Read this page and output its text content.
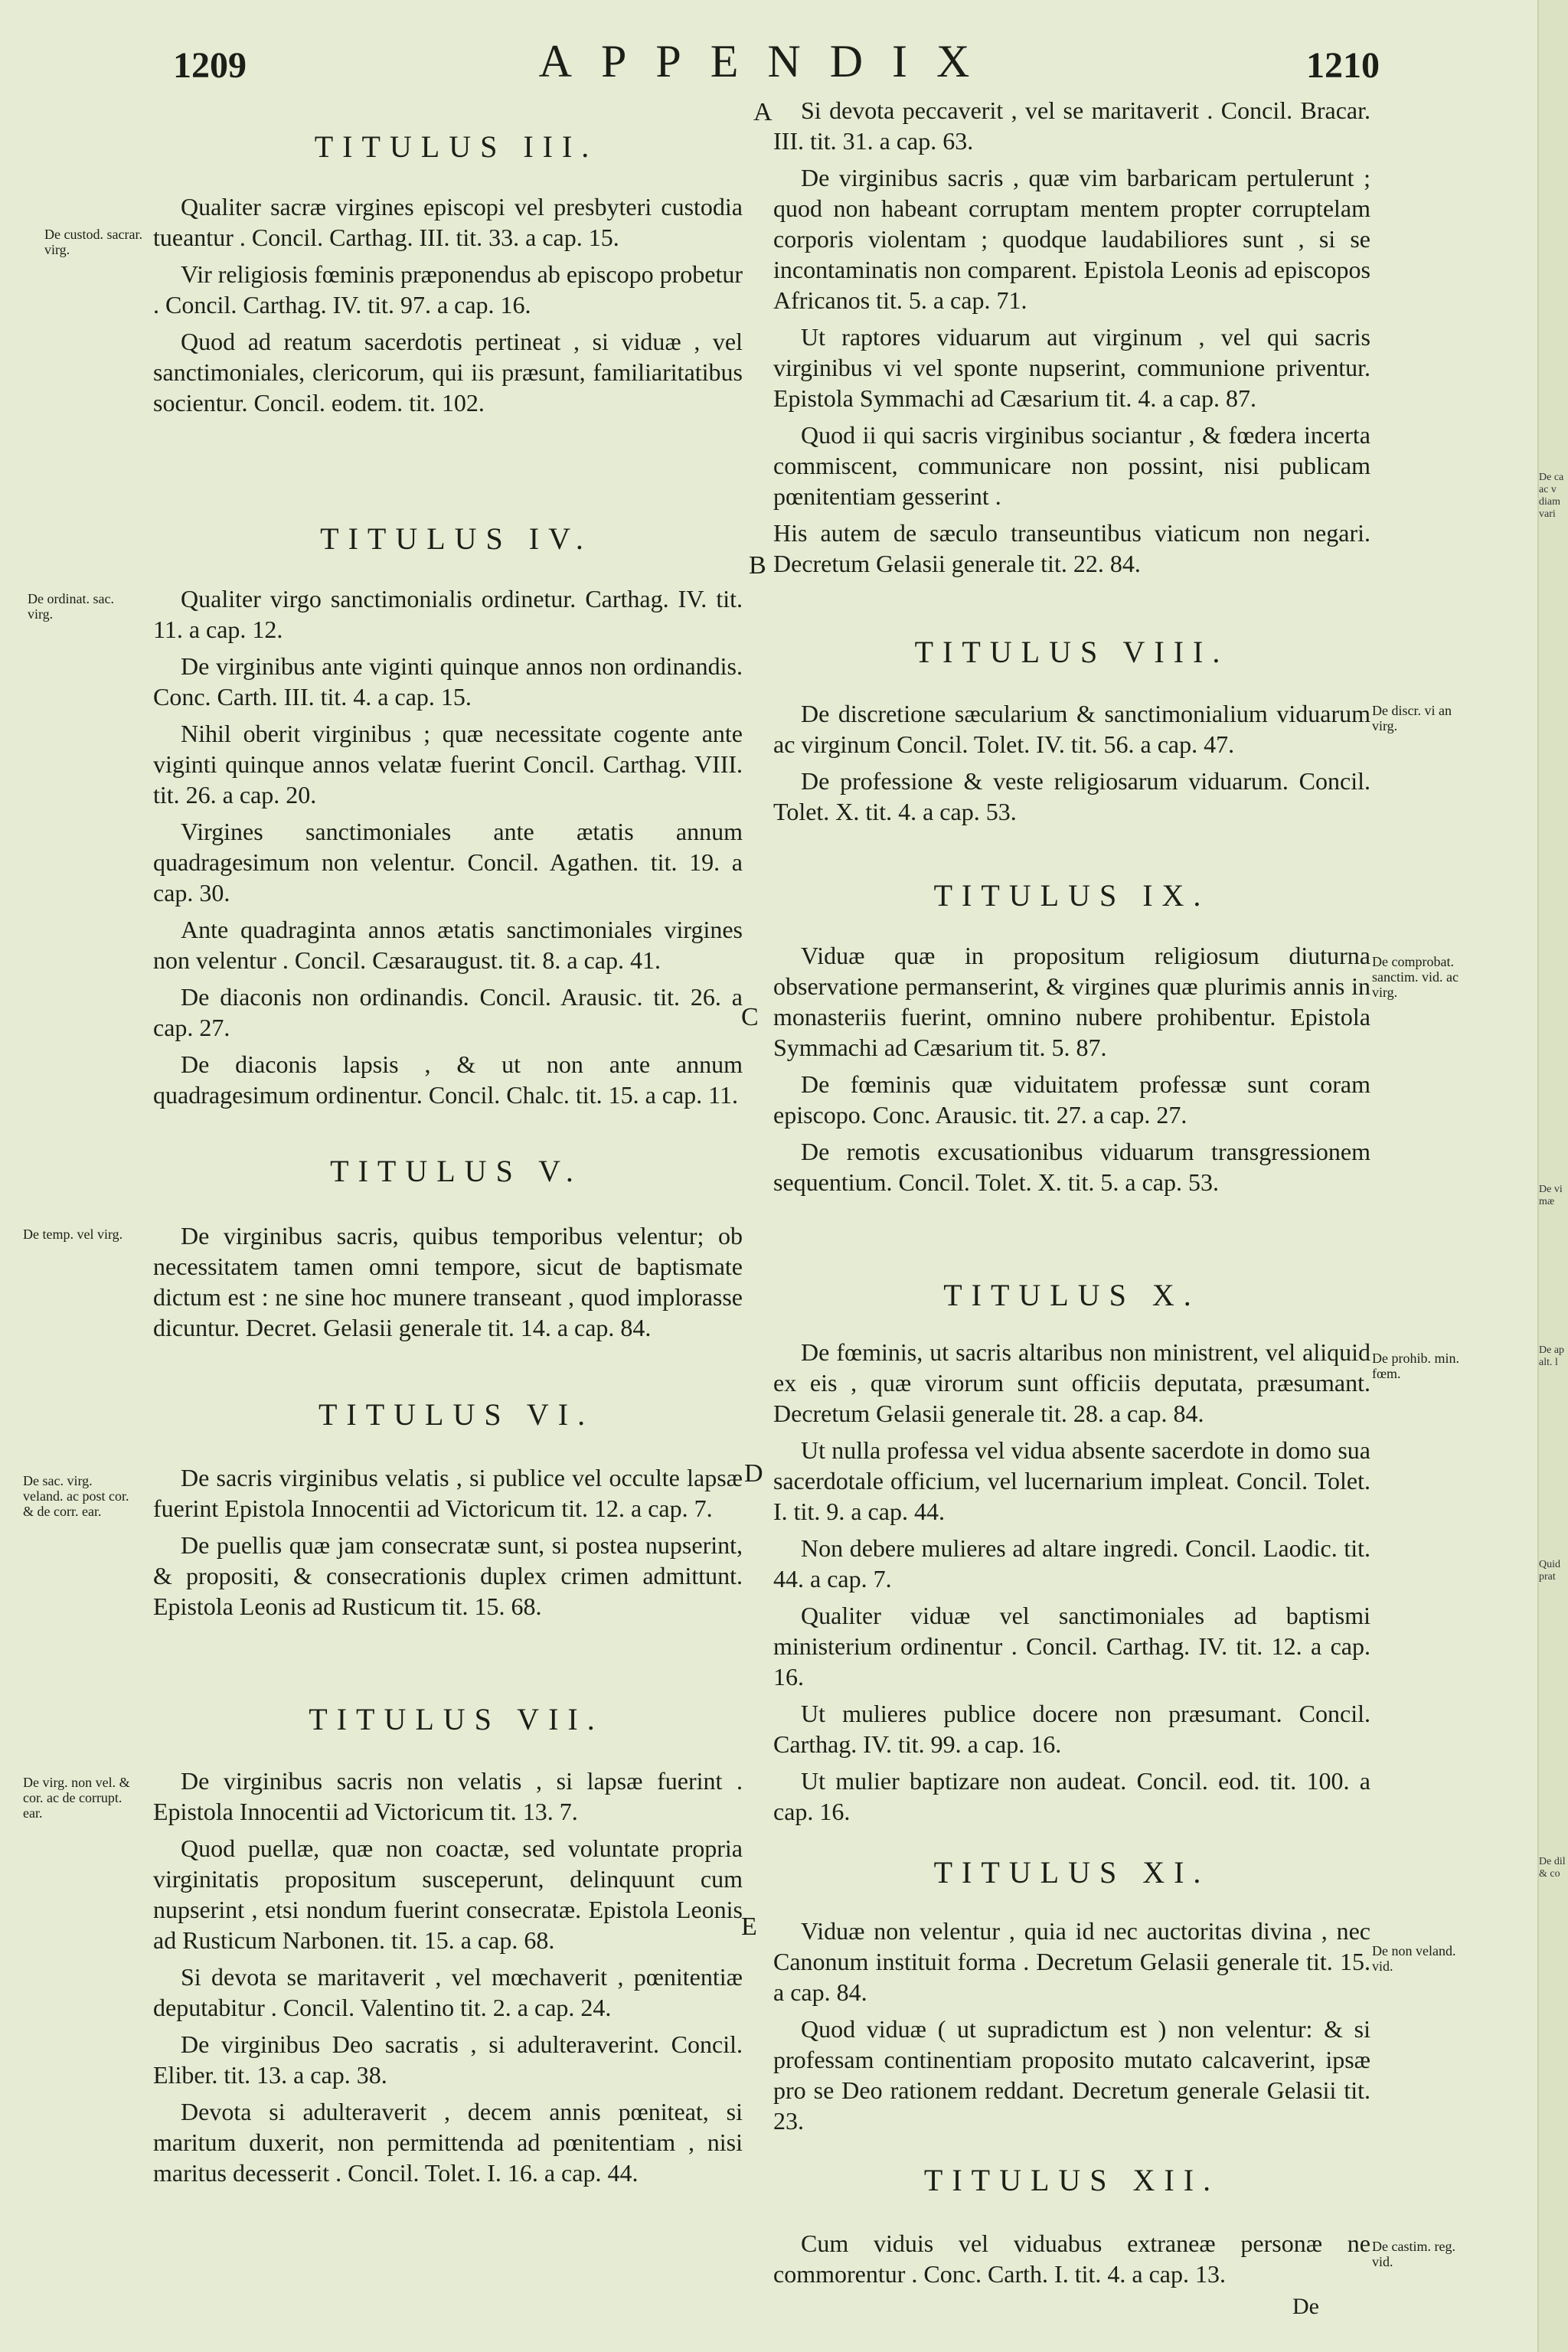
1209	APPENDIX	1210
TITULUS III.
De custod. sacrar. virg.

Qualiter sacræ virgines episcopi vel presbyteri custodia tueantur . Concil. Carthag. III. tit. 33. a cap. 15.

Vir religiosis fœminis præponendus ab episcopo probetur . Concil. Carthag. IV. tit. 97. a cap. 16.

Quod ad reatum sacerdotis pertineat , si viduæ , vel sanctimoniales, clericorum, qui iis præsunt, familiaritatibus socientur. Concil. eodem. tit. 102.

TITULUS IV.
De ordinat. sac. virg.

Qualiter virgo sanctimonialis ordinetur. Carthag. IV. tit. 11. a cap. 12.

De virginibus ante viginti quinque annos non ordinandis. Conc. Carth. III. tit. 4. a cap. 15.

Nihil oberit virginibus ; quæ necessitate cogente ante viginti quinque annos velatæ fuerint Concil. Carthag. VIII. tit. 26. a cap. 20.

Virgines sanctimoniales ante ætatis annum quadragesimum non velentur. Concil. Agathen. tit. 19. a cap. 30.

Ante quadraginta annos ætatis sanctimoniales virgines non velentur . Concil. Cæsaraugust. tit. 8. a cap. 41.

De diaconis non ordinandis. Concil. Arausic. tit. 26. a cap. 27.

De diaconis lapsis , & ut non ante annum quadragesimum ordinentur. Concil. Chalc. tit. 15. a cap. 11.

TITULUS V.
De temp. vel virg.	De virginibus sacris, quibus temporibus velentur; ob necessitatem tamen omni tempore, sicut de baptismate dictum est : ne sine hoc munere transeant , quod implorasse dicuntur. Decret. Gelasii generale tit. 14. a cap. 84.

TITULUS VI.
De sac. virg. veland. ac post cor. & de corr. ear.

De sacris virginibus velatis , si publice vel occulte lapsæ fuerint Epistola Innocentii ad Victoricum tit. 12. a cap. 7.

De puellis quæ jam consecratæ sunt, si postea nupserint, & propositi, & consecrationis duplex crimen admittunt. Epistola Leonis ad Rusticum tit. 15. 68.

TITULUS VII.
De virg. non vel. & cor. ac de corrupt. ear.

De virginibus sacris non velatis , si lapsæ fuerint . Epistola Innocentii ad Victoricum tit. 13. 7.

Quod puellæ, quæ non coactæ, sed voluntate propria virginitatis propositum susceperunt, delinquunt cum nupserint , etsi nondum fuerint consecratæ. Epistola Leonis ad Rusticum Narbonen. tit. 15. a cap. 68.

Si devota se maritaverit , vel mœchaverit , pœnitentiæ deputabitur . Concil. Valentino tit. 2. a cap. 24.

De virginibus Deo sacratis , si adulteraverint. Concil. Eliber. tit. 13. a cap. 38.

Devota si adulteraverit , decem annis pœniteat, si maritum duxerit, non permittenda ad pœnitentiam , nisi maritus decesserit . Concil. Tolet. I. 16. a cap. 44.

A	Si devota peccaverit , vel se maritaverit . Concil. Bracar. III. tit. 31. a cap. 63.

De virginibus sacris , quæ vim barbaricam pertulerunt ; quod non habeant corruptam mentem propter corruptelam corporis violentam ; quodque laudabiliores sunt , si se incontaminatis non comparent. Epistola Leonis ad episcopos Africanos tit. 5. a cap. 71.

Ut raptores viduarum aut virginum , vel qui sacris virginibus vi vel sponte nupserint, communione priventur. Epistola Symmachi ad Cæsarium tit. 4. a cap. 87.

Quod ii qui sacris virginibus sociantur , & fœdera incerta commiscent, communicare non possint, nisi publicam pœnitentiam gesserint .

His autem de sæculo transeuntibus viaticum non negari. Decretum Gelasii generale tit. 22. 84.

B
TITULUS VIII.
De discr. vi an virg.

De discretione sæcularium & sanctimonialium viduarum ac virginum Concil. Tolet. IV. tit. 56. a cap. 47.

De professione & veste religiosarum viduarum. Concil. Tolet. X. tit. 4. a cap. 53.

TITULUS IX.
De comprobat. sanctim. vid. ac virg.
C

Viduæ quæ in propositum religiosum diuturna observatione permanserint, & virgines quæ plurimis annis in monasteriis fuerint, omnino nubere prohibentur. Epistola Symmachi ad Cæsarium tit. 5. 87.

De fœminis quæ viduitatem professæ sunt coram episcopo. Conc. Arausic. tit. 27. a cap. 27.

De remotis excusationibus viduarum transgressionem sequentium. Concil. Tolet. X. tit. 5. a cap. 53.

TITULUS X.
De prohib. min. fœm.
D

De fœminis, ut sacris altaribus non ministrent, vel aliquid ex eis , quæ virorum sunt officiis deputata, præsumant. Decretum Gelasii generale tit. 28. a cap. 84.

Ut nulla professa vel vidua absente sacerdote in domo sua sacerdotale officium, vel lucernarium impleat. Concil. Tolet. I. tit. 9. a cap. 44.

Non debere mulieres ad altare ingredi. Concil. Laodic. tit. 44. a cap. 7.

Qualiter viduæ vel sanctimoniales ad baptismi ministerium ordinentur . Concil. Carthag. IV. tit. 12. a cap. 16.

Ut mulieres publice docere non præsumant. Concil. Carthag. IV. tit. 99. a cap. 16.

Ut mulier baptizare non audeat. Concil. eod. tit. 100. a cap. 16.

TITULUS XI.
De non veland. vid.
E	Viduæ non velentur , quia id nec auctoritas divina , nec Canonum instituit forma . Decretum Gelasii generale tit. 15. a cap. 84.

Quod viduæ ( ut supradictum est ) non velentur: & si professam continentiam proposito mutato calcaverint, ipsæ pro se Deo rationem reddant. Decretum generale Gelasii tit. 23.

TITULUS XII.
De castim. reg. vid.

Cum viduis vel viduabus extraneæ personæ ne commorentur . Conc. Carth. I. tit. 4. a cap. 13.

De
De ca ac v diam vari
De vi mæ
De ap alt. l
Quid prat
De dil & co
